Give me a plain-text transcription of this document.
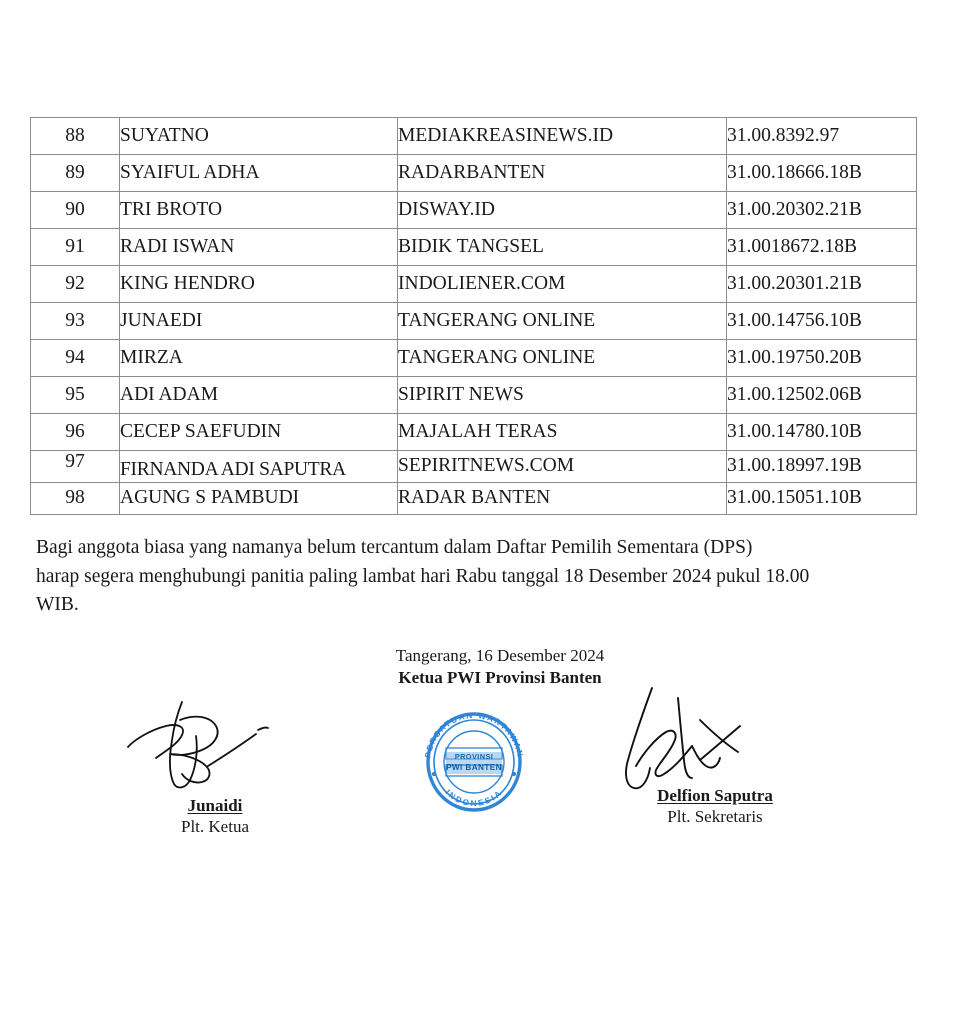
88	SUYATNO	MEDIAKREASINEWS.ID	31.00.8392.97
89	SYAIFUL ADHA	RADARBANTEN	31.00.18666.18B
90	TRI BROTO	DISWAY.ID	31.00.20302.21B
91	RADI ISWAN	BIDIK TANGSEL	31.0018672.18B
92	KING HENDRO	INDOLIENER.COM	31.00.20301.21B
93	JUNAEDI	TANGERANG ONLINE	31.00.14756.10B
94	MIRZA	TANGERANG ONLINE	31.00.19750.20B
95	ADI ADAM	SIPIRIT NEWS	31.00.12502.06B
96	CECEP SAEFUDIN	MAJALAH TERAS	31.00.14780.10B
97	FIRNANDA ADI SAPUTRA	SEPIRITNEWS.COM	31.00.18997.19B
98	AGUNG S PAMBUDI	RADAR BANTEN	31.00.15051.10B
Bagi anggota biasa yang namanya belum tercantum dalam Daftar Pemilih Sementara (DPS)
harap segera menghubungi panitia paling lambat hari Rabu tanggal 18 Desember 2024 pukul 18.00
WIB.
Tangerang, 16 Desember 2024
Ketua PWI Provinsi Banten
Junaidi
Plt. Ketua
Delfion Saputra
Plt. Sekretaris
PERSATUAN WARTAWAN
INDONESIA
PROVINSI
PWI BANTEN
